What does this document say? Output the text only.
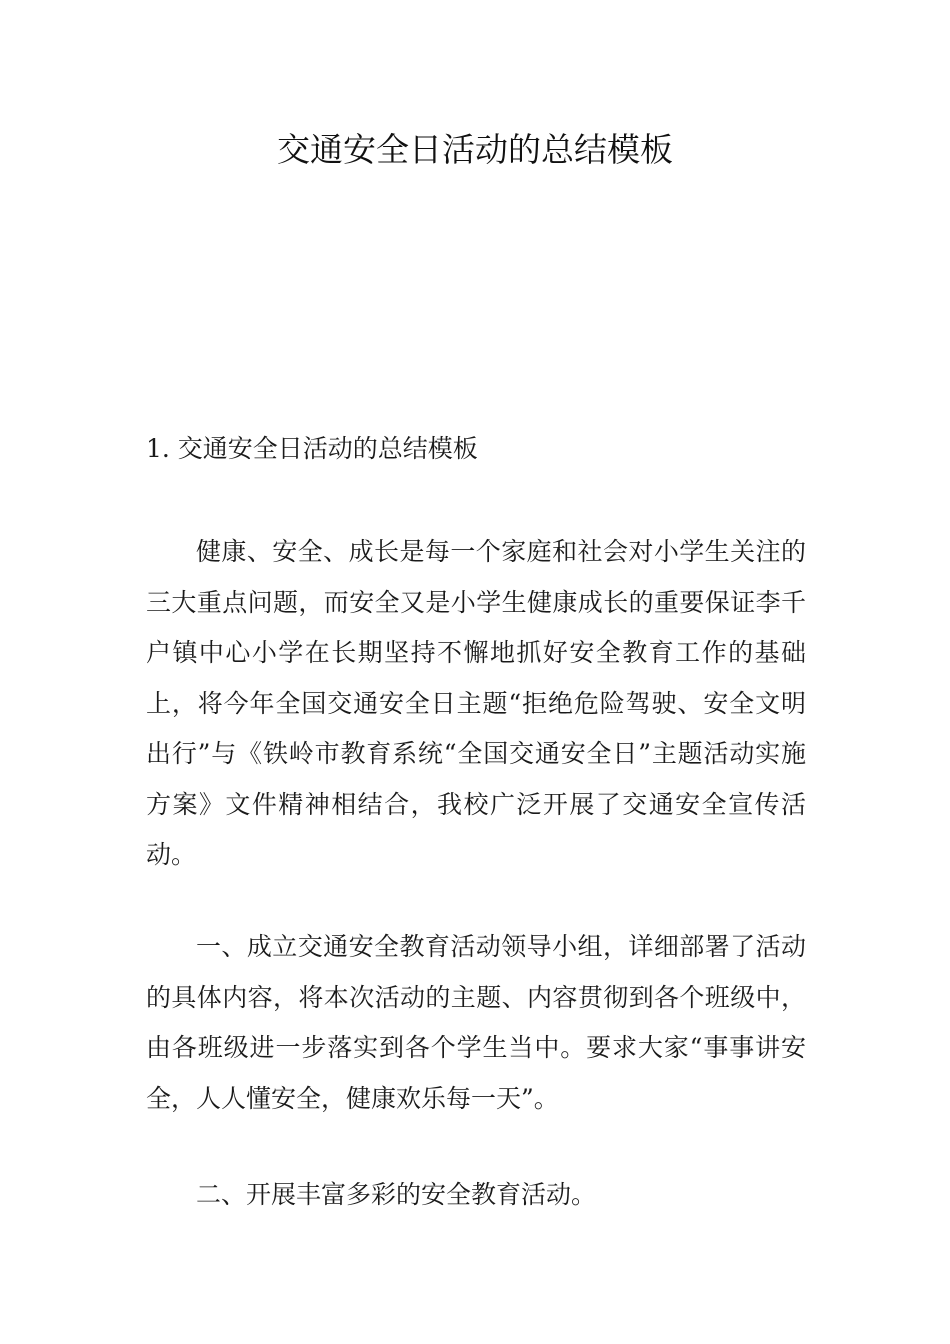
交通安全日活动的总结模板

1. 交通安全日活动的总结模板

健康、安全、成长是每一个家庭和社会对小学生关注的三大重点问题，而安全又是小学生健康成长的重要保证李千户镇中心小学在长期坚持不懈地抓好安全教育工作的基础上，将今年全国交通安全日主题“拒绝危险驾驶、安全文明出行”与《铁岭市教育系统“全国交通安全日”主题活动实施方案》文件精神相结合，我校广泛开展了交通安全宣传活动。

一、成立交通安全教育活动领导小组，详细部署了活动的具体内容，将本次活动的主题、内容贯彻到各个班级中，由各班级进一步落实到各个学生当中。要求大家“事事讲安全，人人懂安全，健康欢乐每一天”。

二、开展丰富多彩的安全教育活动。
